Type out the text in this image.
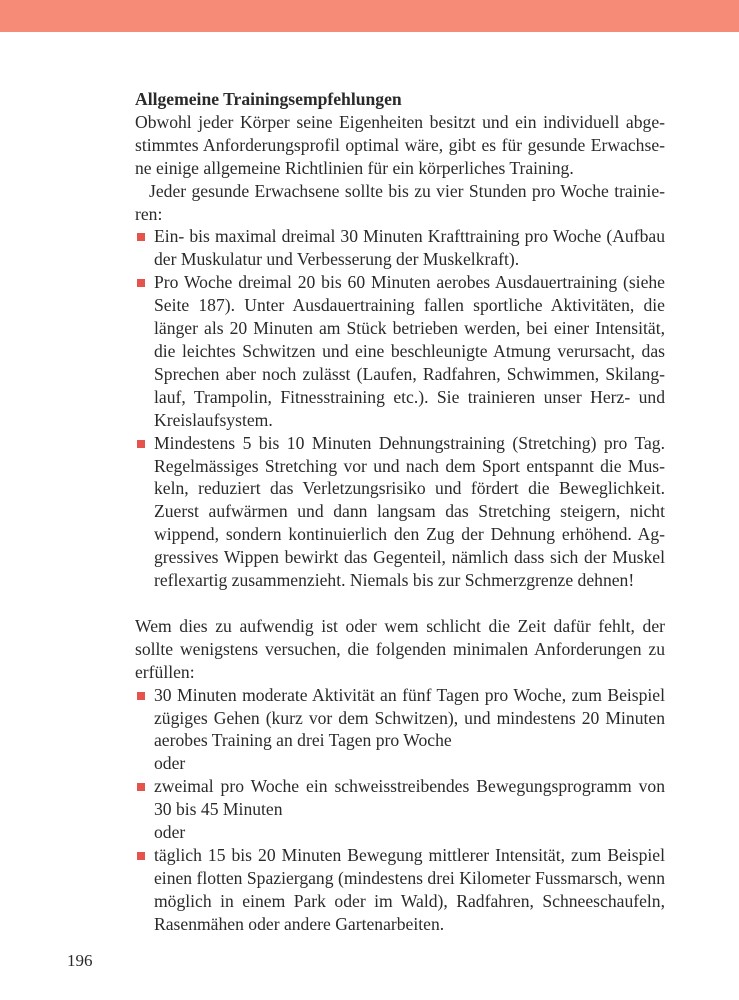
Allgemeine Trainingsempfehlungen

Obwohl jeder Körper seine Eigenheiten besitzt und ein individuell abgestimmtes Anforderungsprofil optimal wäre, gibt es für gesunde Erwachsene einige allgemeine Richtlinien für ein körperliches Training.

Jeder gesunde Erwachsene sollte bis zu vier Stunden pro Woche trainieren:

Ein- bis maximal dreimal 30 Minuten Krafttraining pro Woche (Aufbau der Muskulatur und Verbesserung der Muskelkraft).
Pro Woche dreimal 20 bis 60 Minuten aerobes Ausdauertraining (siehe Seite 187). Unter Ausdauertraining fallen sportliche Aktivitäten, die länger als 20 Minuten am Stück betrieben werden, bei einer Intensität, die leichtes Schwitzen und eine beschleunigte Atmung verursacht, das Sprechen aber noch zulässt (Laufen, Radfahren, Schwimmen, Skilanglauf, Trampolin, Fitnesstraining etc.). Sie trainieren unser Herz- und Kreislaufsystem.
Mindestens 5 bis 10 Minuten Dehnungstraining (Stretching) pro Tag. Regelmässiges Stretching vor und nach dem Sport entspannt die Muskeln, reduziert das Verletzungsrisiko und fördert die Beweglichkeit. Zuerst aufwärmen und dann langsam das Stretching steigern, nicht wippend, sondern kontinuierlich den Zug der Dehnung erhöhend. Aggressives Wippen bewirkt das Gegenteil, nämlich dass sich der Muskel reflexartig zusammenzieht. Niemals bis zur Schmerzgrenze dehnen!

Wem dies zu aufwendig ist oder wem schlicht die Zeit dafür fehlt, der sollte wenigstens versuchen, die folgenden minimalen Anforderungen zu erfüllen:

30 Minuten moderate Aktivität an fünf Tagen pro Woche, zum Beispiel zügiges Gehen (kurz vor dem Schwitzen), und mindestens 20 Minuten aerobes Training an drei Tagen pro Woche
oder
zweimal pro Woche ein schweisstreibendes Bewegungsprogramm von 30 bis 45 Minuten
oder
täglich 15 bis 20 Minuten Bewegung mittlerer Intensität, zum Beispiel einen flotten Spaziergang (mindestens drei Kilometer Fussmarsch, wenn möglich in einem Park oder im Wald), Radfahren, Schneeschaufeln, Rasenmähen oder andere Gartenarbeiten.
196
